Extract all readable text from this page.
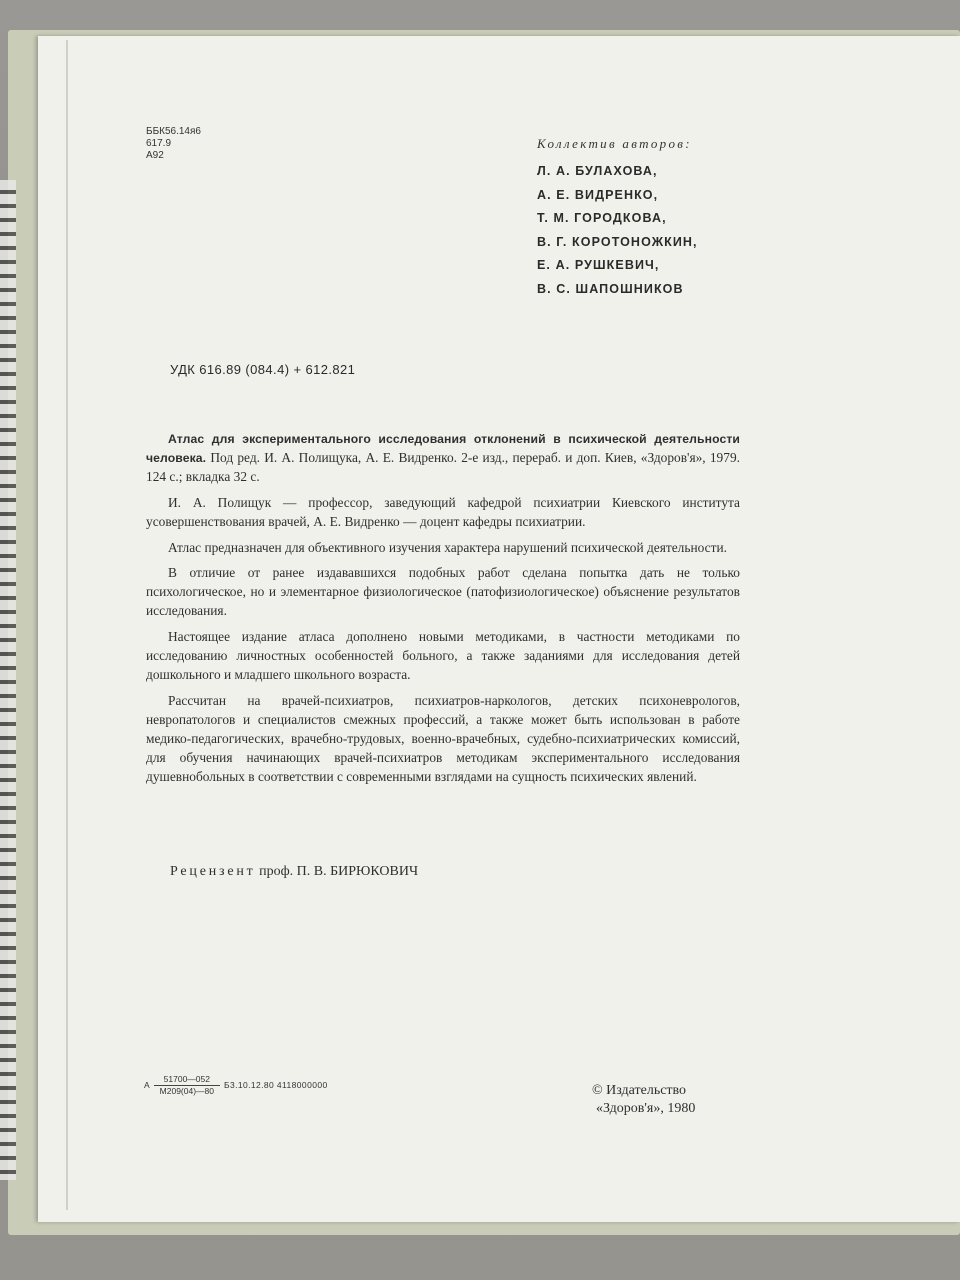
ББК56.14я6
617.9
А92
Коллектив авторов:
Л. А. БУЛАХОВА,
А. Е. ВИДРЕНКО,
Т. М. ГОРОДКОВА,
В. Г. КОРОТОНОЖКИН,
Е. А. РУШКЕВИЧ,
В. С. ШАПОШНИКОВ
УДК 616.89 (084.4) + 612.821

Атлас для экспериментального исследования отклонений в психической деятельности человека. Под ред. И. А. Полищука, А. Е. Видренко. 2-е изд., перераб. и доп. Киев, «Здоров'я», 1979. 124 с.; вкладка 32 с.

И. А. Полищук — профессор, заведующий кафедрой психиатрии Киевского института усовершенствования врачей, А. Е. Видренко — доцент кафедры психиатрии.

Атлас предназначен для объективного изучения характера нарушений психической деятельности.

В отличие от ранее издававшихся подобных работ сделана попытка дать не только психологическое, но и элементарное физиологическое (патофизиологическое) объяснение результатов исследования.

Настоящее издание атласа дополнено новыми методиками, в частности методиками по исследованию личностных особенностей больного, а также заданиями для исследования детей дошкольного и младшего школьного возраста.

Рассчитан на врачей-психиатров, психиатров-наркологов, детских психоневрологов, невропатологов и специалистов смежных профессий, а также может быть использован в работе медико-педагогических, врачебно-трудовых, военно-врачебных, судебно-психиатрических комиссий, для обучения начинающих врачей-психиатров методикам экспериментального исследования душевнобольных в соответствии с современными взглядами на сущность психических явлений.

Рецензент проф. П. В. БИРЮКОВИЧ
А $\frac{51700—052}{М209(04)—80} Б3.10.12.80$ 4118000000	© Издательство
«Здоров'я», 1980
